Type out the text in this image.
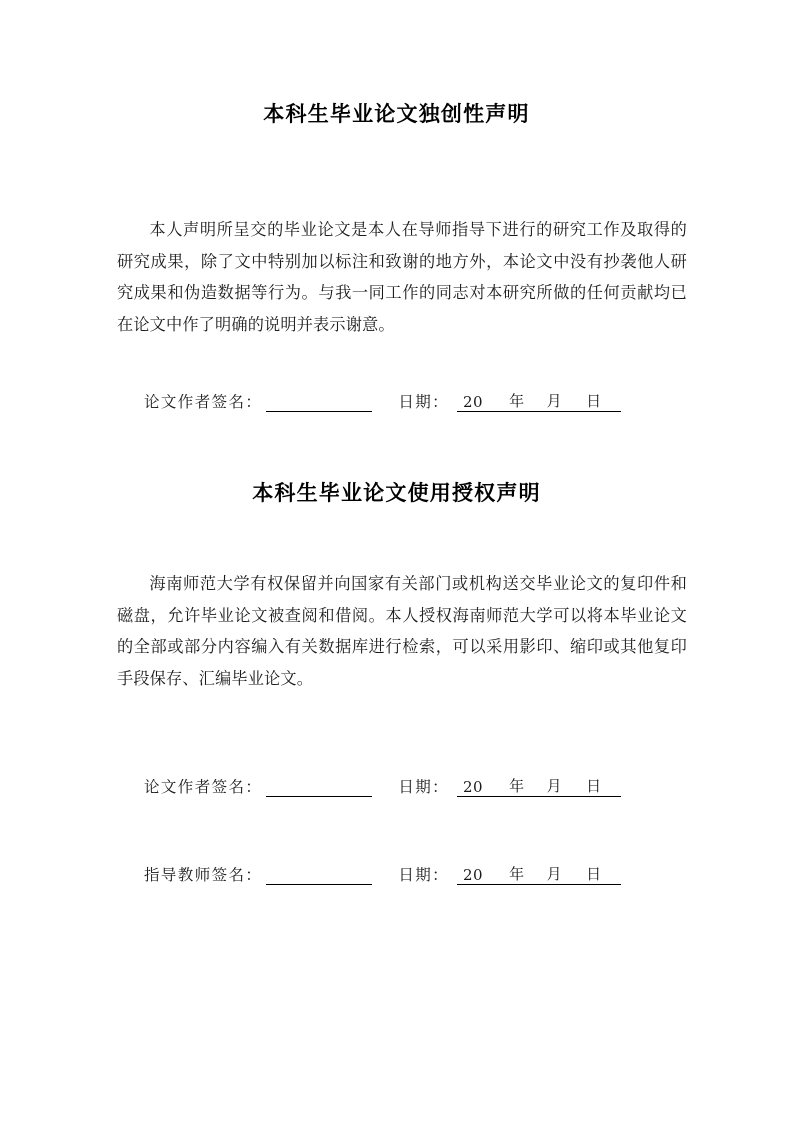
本科生毕业论文独创性声明

本人声明所呈交的毕业论文是本人在导师指导下进行的研究工作及取得的研究成果，除了文中特别加以标注和致谢的地方外，本论文中没有抄袭他人研究成果和伪造数据等行为。与我一同工作的同志对本研究所做的任何贡献均已在论文中作了明确的说明并表示谢意。

论文作者签名：	日期： 20 年 月 日
本科生毕业论文使用授权声明

海南师范大学有权保留并向国家有关部门或机构送交毕业论文的复印件和磁盘，允许毕业论文被查阅和借阅。本人授权海南师范大学可以将本毕业论文的全部或部分内容编入有关数据库进行检索，可以采用影印、缩印或其他复印手段保存、汇编毕业论文。

论文作者签名：	日期： 20 年 月 日
指导教师签名：	日期： 20 年 月 日
